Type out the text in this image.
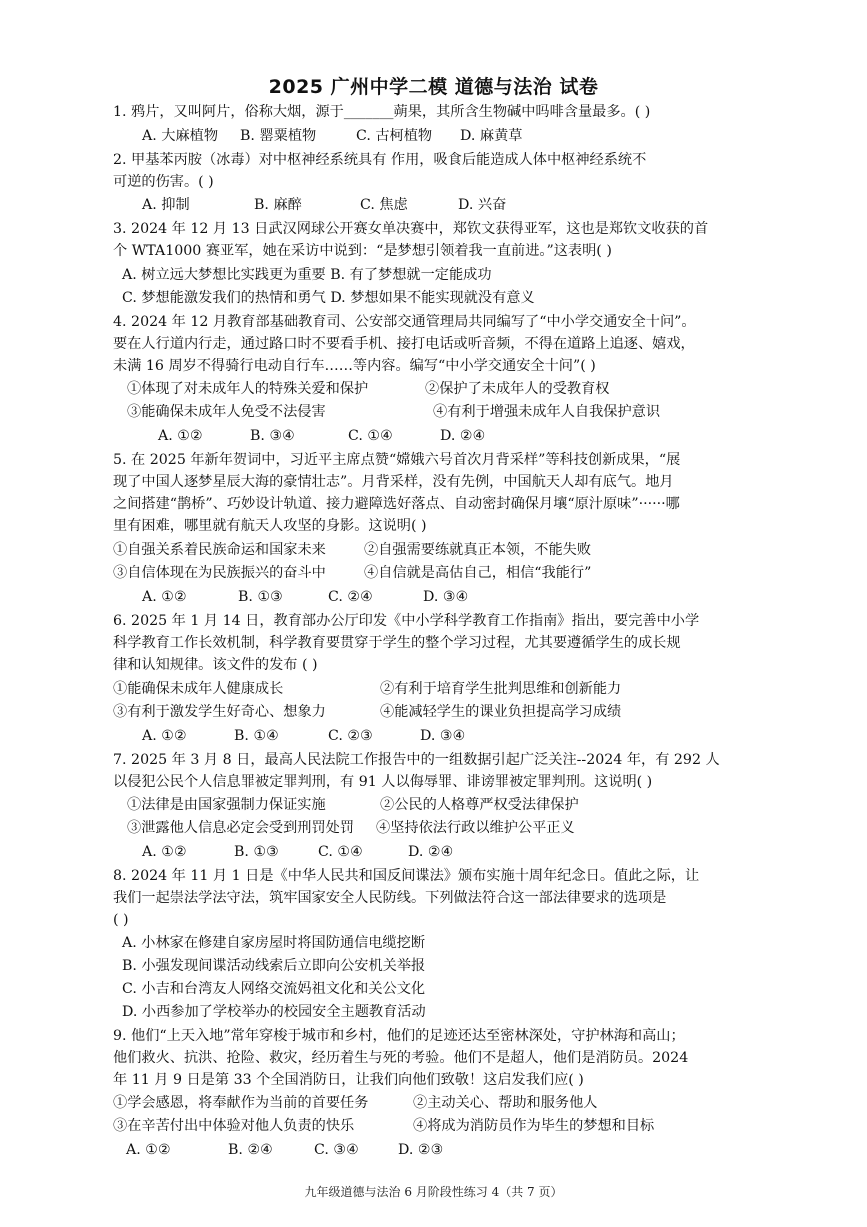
2025 广州中学二模 道德与法治 试卷
1. 鸦片，又叫阿片，俗称大烟，源于_______蒴果，其所含生物碱中吗啡含量最多。( )
A. 大麻植物 B. 罂粟植物	C. 古柯植物 D. 麻黄草
2. 甲基苯丙胺（冰毒）对中枢神经系统具有 作用，吸食后能造成人体中枢神经系统不
可逆的伤害。( )
A. 抑制	B. 麻醉	C. 焦虑	D. 兴奋
3. 2024 年 12 月 13 日武汉网球公开赛女单决赛中，郑钦文获得亚军，这也是郑钦文收获的首
个 WTA1000 赛亚军，她在采访中说到：“是梦想引领着我一直前进。”这表明( )
A. 树立远大梦想比实践更为重要 B. 有了梦想就一定能成功
C. 梦想能激发我们的热情和勇气 D. 梦想如果不能实现就没有意义
4. 2024 年 12 月教育部基础教育司、公安部交通管理局共同编写了“中小学交通安全十问”。
要在人行道内行走，通过路口时不要看手机、接打电话或听音频，不得在道路上追逐、嬉戏，
未满 16 周岁不得骑行电动自行车……等内容。编写“中小学交通安全十问”( )
①体现了对未成年人的特殊关爱和保护	②保护了未成年人的受教育权
③能确保未成年人免受不法侵害	④有利于增强未成年人自我保护意识
A. ①②	B. ③④	C. ①④	D. ②④
5. 在 2025 年新年贺词中，习近平主席点赞“嫦娥六号首次月背采样”等科技创新成果，“展
现了中国人逐梦星辰大海的豪情壮志”。月背采样，没有先例，中国航天人却有底气。地月
之间搭建“鹊桥”、巧妙设计轨道、接力避障选好落点、自动密封确保月壤“原汁原味”······哪
里有困难，哪里就有航天人攻坚的身影。这说明( )
①自强关系着民族命运和国家未来	②自强需要练就真正本领，不能失败
③自信体现在为民族振兴的奋斗中	④自信就是高估自己，相信“我能行”
A. ①②	B. ①③	C. ②④	D. ③④
6. 2025 年 1 月 14 日，教育部办公厅印发《中小学科学教育工作指南》指出，要完善中小学
科学教育工作长效机制，科学教育要贯穿于学生的整个学习过程，尤其要遵循学生的成长规
律和认知规律。该文件的发布 ( )
①能确保未成年人健康成长	②有利于培育学生批判思维和创新能力
③有利于激发学生好奇心、想象力	④能减轻学生的课业负担提高学习成绩
A. ①②	B. ①④	C. ②③	D. ③④
7. 2025 年 3 月 8 日，最高人民法院工作报告中的一组数据引起广泛关注--2024 年，有 292 人
以侵犯公民个人信息罪被定罪判刑，有 91 人以侮辱罪、诽谤罪被定罪判刑。这说明( )
①法律是由国家强制力保证实施	②公民的人格尊严权受法律保护
③泄露他人信息必定会受到刑罚处罚 ④坚持依法行政以维护公平正义
A. ①②	B. ①③	C. ①④	D. ②④
8. 2024 年 11 月 1 日是《中华人民共和国反间谍法》颁布实施十周年纪念日。值此之际，让
我们一起崇法学法守法，筑牢国家安全人民防线。下列做法符合这一部法律要求的选项是
( )
A. 小林家在修建自家房屋时将国防通信电缆挖断
B. 小强发现间谍活动线索后立即向公安机关举报
C. 小吉和台湾友人网络交流妈祖文化和关公文化
D. 小西参加了学校举办的校园安全主题教育活动
9. 他们“上天入地”常年穿梭于城市和乡村，他们的足迹还达至密林深处，守护林海和高山；
他们救火、抗洪、抢险、救灾，经历着生与死的考验。他们不是超人，他们是消防员。2024
年 11 月 9 日是第 33 个全国消防日，让我们向他们致敬！这启发我们应( )
①学会感恩，将奉献作为当前的首要任务	②主动关心、帮助和服务他人
③在辛苦付出中体验对他人负责的快乐	④将成为消防员作为毕生的梦想和目标
A. ①②	B. ②④	C. ③④	D. ②③
九年级道德与法治 6 月阶段性练习 4（共 7 页）
